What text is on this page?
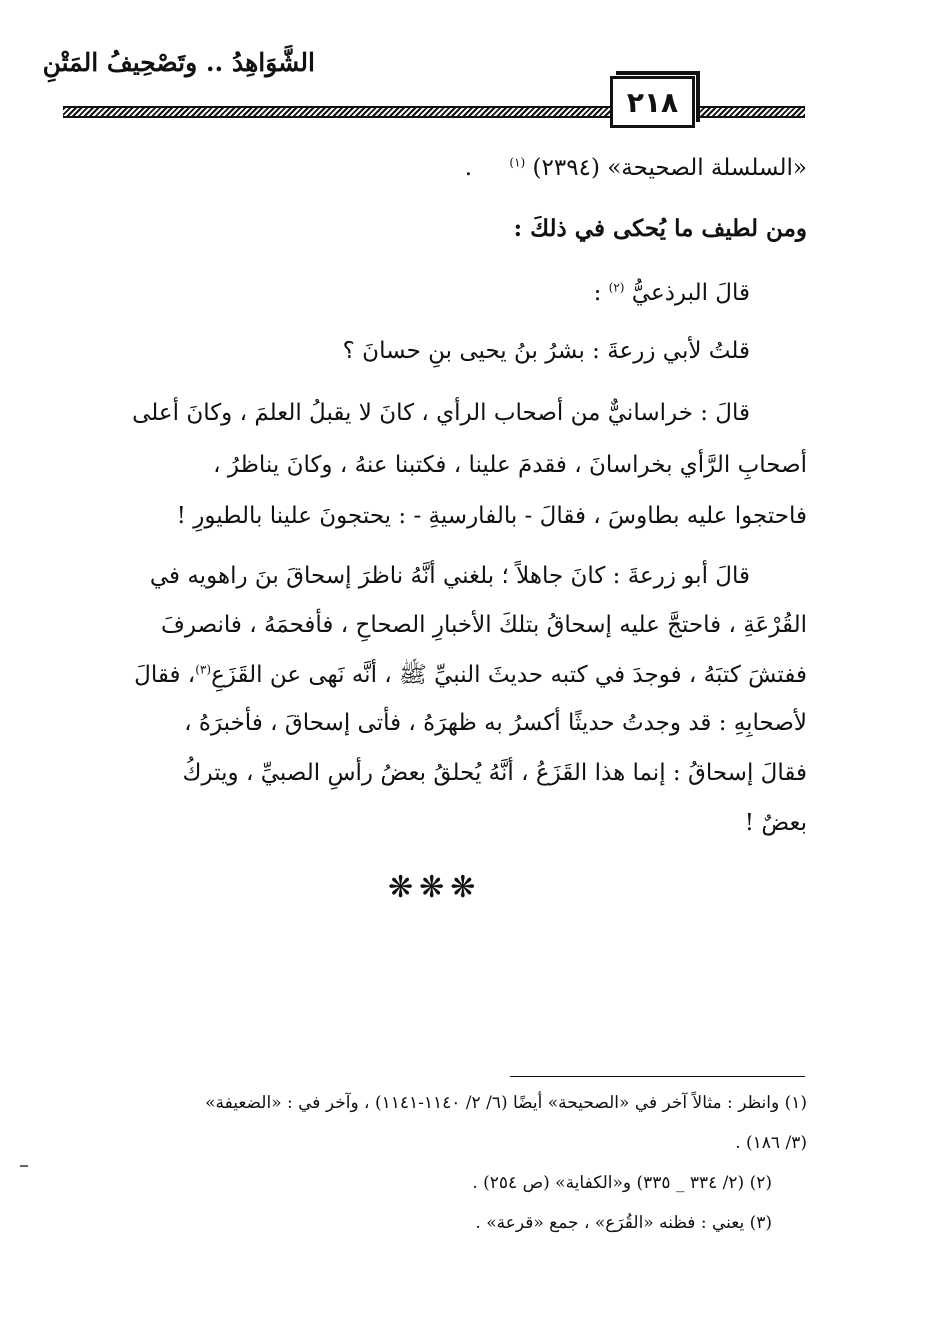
الشَّوَاهِدُ .. وتَصْحِيفُ المَتْنِ
٢١٨
«السلسلة الصحيحة» (٢٣٩٤) $^{(١)}$ .
ومن لطيف ما يُحكى في ذلكَ :
قالَ البرذعيُّ $^{(٢)}$ :
قلتُ لأبي زرعةَ : بشرُ بنُ يحيى بنِ حسانَ ؟
قالَ : خراسانيٌّ من أصحاب الرأي ، كانَ لا يقبلُ العلمَ ، وكانَ أعلى
أصحابِ الرَّأي بخراسانَ ، فقدمَ علينا ، فكتبنا عنهُ ، وكانَ يناظرُ ،
فاحتجوا عليه بطاوسَ ، فقالَ - بالفارسيةِ - : يحتجونَ علينا بالطيورِ !
قالَ أبو زرعةَ : كانَ جاهلاً ؛ بلغني أنَّهُ ناظرَ إسحاقَ بنَ راهويه في
القُرْعَةِ ، فاحتجَّ عليه إسحاقُ بتلكَ الأخبارِ الصحاحِ ، فأفحمَهُ ، فانصرفَ
ففتشَ كتبَهُ ، فوجدَ في كتبه حديثَ النبيِّ ﷺ ، أنَّه نَهى عن القَزَعِ$^{(٣)}$، فقالَ
لأصحابِهِ : قد وجدتُ حديثًا أكسرُ به ظهرَهُ ، فأتى إسحاقَ ، فأخبرَهُ ،
فقالَ إسحاقُ : إنما هذا القَزَعُ ، أنَّهُ يُحلقُ بعضُ رأسِ الصبيِّ ، ويتركُ
بعضٌ !
❋❋❋
(١) وانظر : مثالاً آخر في «الصحيحة» أيضًا (٦/ ٢/ ١١٤٠-١١٤١) ، وآخر في : «الضعيفة»
(٣/ ١٨٦) .
(٢) (٢/ ٣٣٤ _ ٣٣٥) و«الكفاية» (ص ٢٥٤) .
(٣) يعني : فظنه «القُرَع» ، جمع «قرعة» .
